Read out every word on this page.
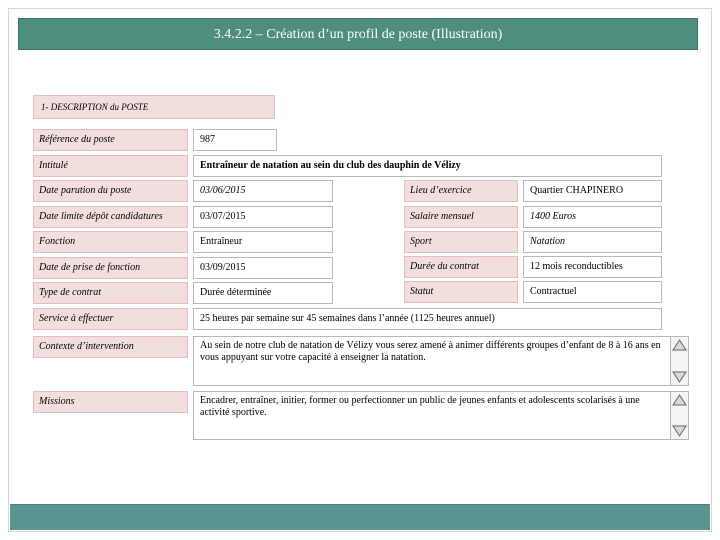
3.4.2.2 – Création d’un profil de poste (Illustration)
1- DESCRIPTION du POSTE
Référence du poste	987
Intitulé	Entraîneur de natation au sein du club des dauphin de Vélizy
Date parution du poste	03/06/2015	Lieu d’exercice	Quartier CHAPINERO
Date limite dépôt candidatures	03/07/2015	Salaire mensuel	1400 Euros
Fonction	Entraîneur	Sport	Natation
Date de prise de fonction	03/09/2015	Durée du contrat	12 mois reconductibles
Type de contrat	Durée déterminée	Statut	Contractuel
Service à effectuer	25 heures par semaine sur 45 semaines dans l’année (1125 heures annuel)
Contexte d’intervention	Au sein de notre club de natation de Vélizy vous serez amené à animer différents groupes d’enfant de 8 à 16 ans en vous appuyant sur votre capacité à enseigner la natation.
Missions	Encadrer, entraîner, initier, former ou perfectionner un public de jeunes enfants et adolescents scolarisés à une activité sportive.
